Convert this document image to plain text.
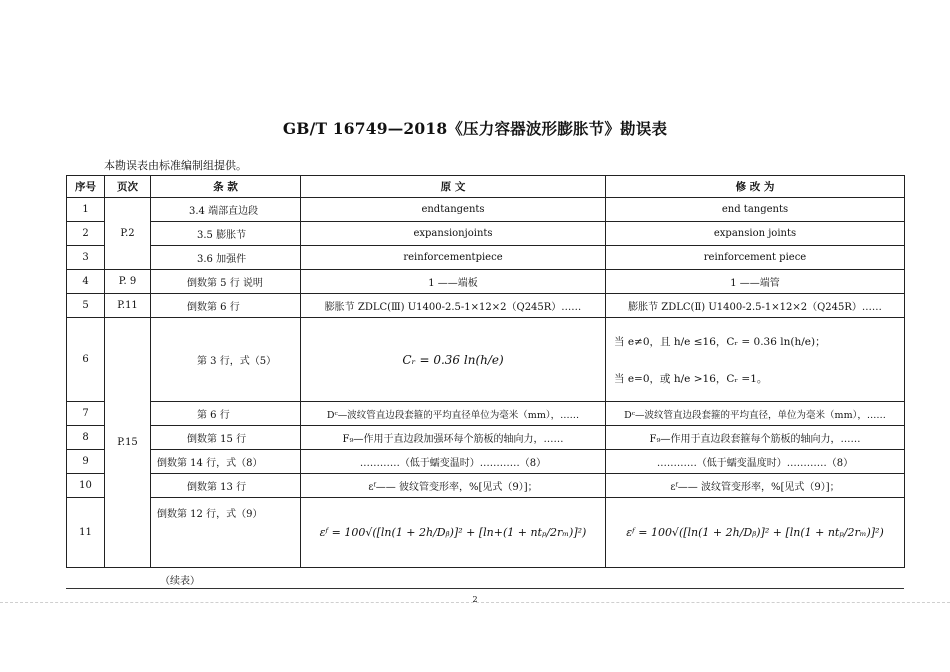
GB/T 16749—2018《压力容器波形膨胀节》勘误表
本勘误表由标准编制组提供。
序号	页次	条 款	原 文	修 改 为
1	P.2	3.4 端部直边段	endtangents	end tangents
2		3.5 膨胀节	expansionjoints	expansion joints
3		3.6 加强件	reinforcementpiece	reinforcement piece
4	P. 9	倒数第 5 行 说明	1 ——端板	1 ——端管
5	P.11	倒数第 6 行	膨胀节 ZDLC(Ⅲ) U1400-2.5-1×12×2（Q245R）……	膨胀节 ZDLC(Ⅱ) U1400-2.5-1×12×2（Q245R）……
6	P.15	第 3 行，式（5）	Cᵣ = 0.36 ln(h/e)	当 e≠0，且 h/e ≤16，Cᵣ = 0.36 ln(h/e)；
当 e=0，或 h/e >16，Cᵣ =1。

7		第 6 行	Dᶜ—波纹管直边段套箍的平均直径单位为毫米（mm），……	Dᶜ—波纹管直边段套箍的平均直径，单位为毫米（mm），……
8		倒数第 15 行	F₉—作用于直边段加强环每个筋板的轴向力，……	F₉—作用于直边段套箍每个筋板的轴向力，……
9		倒数第 14 行，式（8）	…………（低于蠕变温时）…………（8）	…………（低于蠕变温度时）…………（8）
10		倒数第 13 行	εᶠ—— 彼纹管变形率，%[见式（9）]；	εᶠ—— 波纹管变形率，%[见式（9）]；
11		倒数第 12 行，式（9）	εᶠ = 100√([ln(1 + 2h/Dᵦ)]² + [ln+(1 + ntₚ/2rₘ)]²)	εᶠ = 100√([ln(1 + 2h/Dᵦ)]² + [ln(1 + ntₚ/2rₘ)]²)
（续表）
2
